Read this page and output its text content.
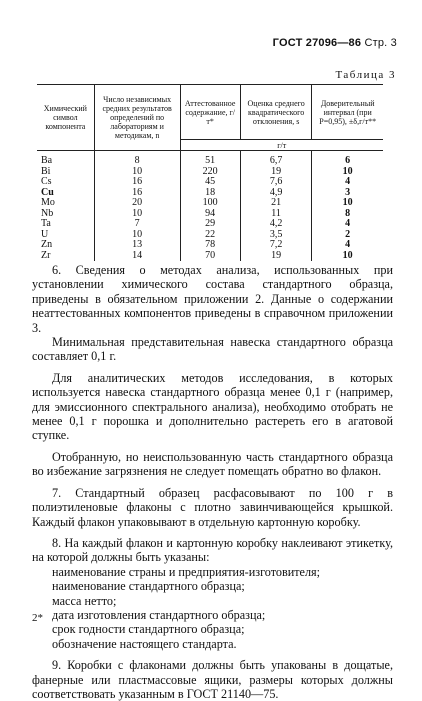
ГОСТ 27096—86 Стр. 3
Таблица 3
Химический символ компонента	Число независимых средних результатов определений по лабораториям и методикам, n	Аттестованное содержание, г/т*	Оценка среднего квадратического отклонения, s	Доверительный интервал (при P=0,95), ±δ,г/т**
		г/т		
Ba	8	51	6,7	6
Bi	10	220	19	10
Cs	16	45	7,6	4
Cu	16	18	4,9	3
Mo	20	100	21	10
Nb	10	94	11	8
Ta	7	29	4,2	4
U	10	22	3,5	2
Zn	13	78	7,2	4
Zr	14	70	19	10

6. Сведения о методах анализа, использованных при установлении химического состава стандартного образца, приведены в обязательном приложении 2. Данные о содержании неаттестованных компонентов приведены в справочном приложении 3.

Минимальная представительная навеска стандартного образца составляет 0,1 г.

Для аналитических методов исследования, в которых используется навеска стандартного образца менее 0,1 г (например, для эмиссионного спектрального анализа), необходимо отобрать не менее 0,1 г порошка и дополнительно растереть его в агатовой ступке.

Отобранную, но неиспользованную часть стандартного образца во избежание загрязнения не следует помещать обратно во флакон.

7. Стандартный образец расфасовывают по 100 г в полиэтиленовые флаконы с плотно завинчивающейся крышкой. Каждый флакон упаковывают в отдельную картонную коробку.

8. На каждый флакон и картонную коробку наклеивают этикетку, на которой должны быть указаны:

наименование страны и предприятия-изготовителя;

наименование стандартного образца;

масса нетто;

дата изготовления стандартного образца;

срок годности стандартного образца;

обозначение настоящего стандарта.

9. Коробки с флаконами должны быть упакованы в дощатые, фанерные или пластмассовые ящики, размеры которых должны соответствовать указанным в ГОСТ 21140—75.

2*
